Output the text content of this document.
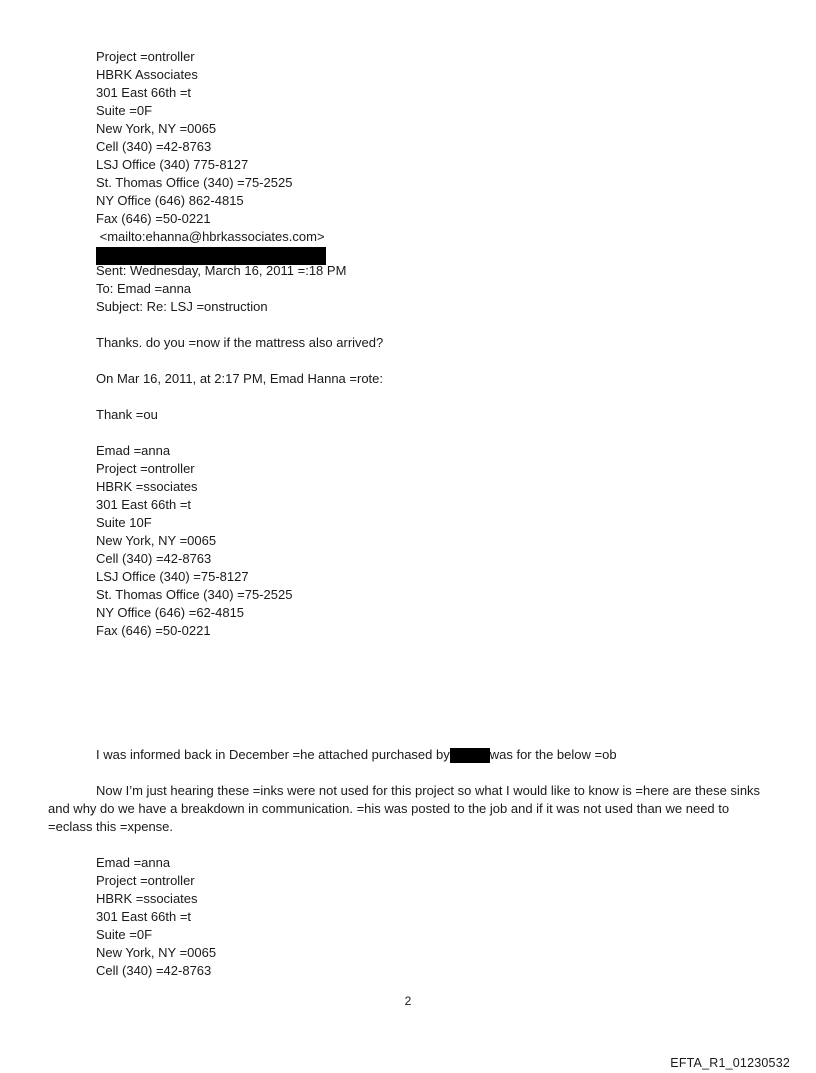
Project =ontroller
HBRK Associates
301 East 66th =t
Suite =0F
New York, NY =0065
Cell (340) =42-8763
LSJ Office (340) 775-8127
St. Thomas Office (340) =75-2525
NY Office (646) 862-4815
Fax (646) =50-0221
<mailto:ehanna@hbrkassociates.com>
Sent: Wednesday, March 16, 2011 =:18 PM
To: Emad =anna
Subject: Re: LSJ =onstruction
Thanks. do you =now if the mattress also arrived?
On Mar 16, 2011, at 2:17 PM, Emad Hanna =rote:
Thank =ou
Emad =anna
Project =ontroller
HBRK =ssociates
301 East 66th =t
Suite 10F
New York, NY =0065
Cell (340) =42-8763
LSJ Office (340) =75-8127
St. Thomas Office (340) =75-2525
NY Office (646) =62-4815
Fax (646) =50-0221
I was informed back in December =he attached purchased by	was for the below =ob
Now I’m just hearing these =inks were not used for this project so what I would like to know is =here are these sinks and why do we have a breakdown in communication. =his was posted to the job and if it was not used than we need to =eclass this =xpense.
Emad =anna
Project =ontroller
HBRK =ssociates
301 East 66th =t
Suite =0F
New York, NY =0065
Cell (340) =42-8763
2
EFTA_R1_01230532
